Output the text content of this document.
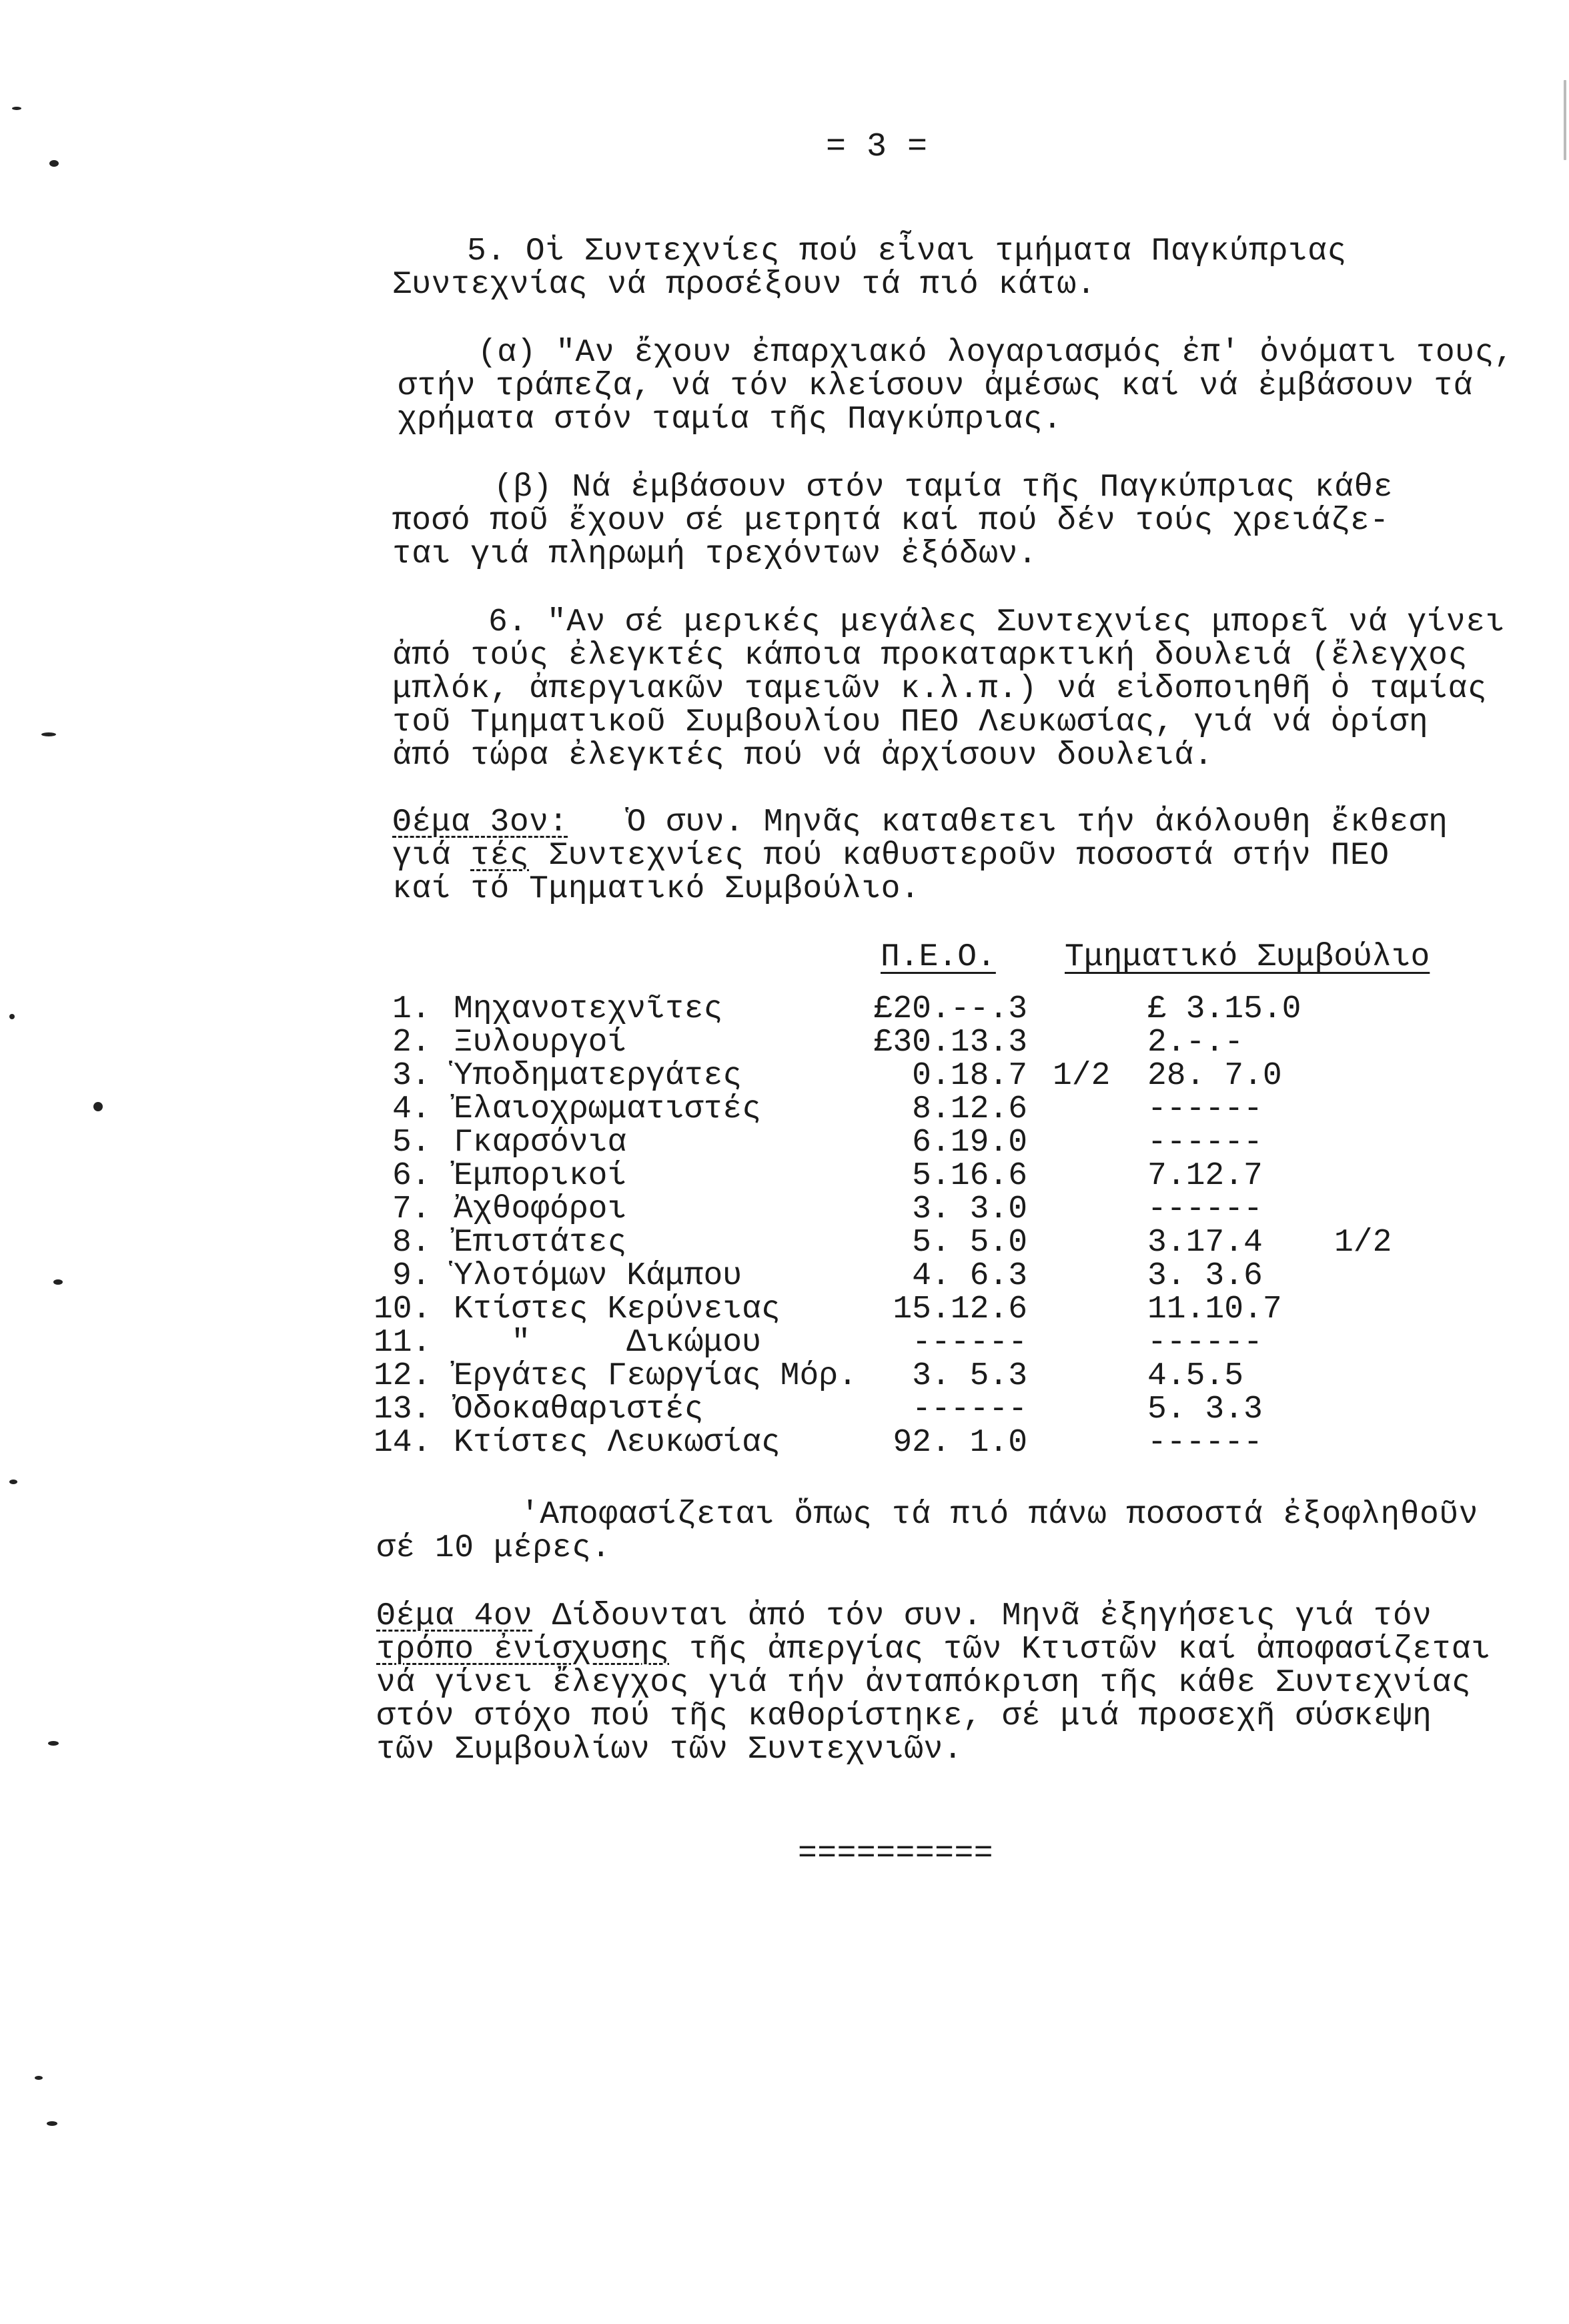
= 3 =
5. Οἱ Συντεχνίες πού εἶναι τμήματα Παγκύπριας
Συντεχνίας νά προσέξουν τά πιό κάτω.
(α) "Αν ἔχουν ἐπαρχιακό λογαριασμός ἐπ' ὀνόματι τους,
στήν τράπεζα, νά τόν κλείσουν ἀμέσως καί νά ἐμβάσουν τά
χρήματα στόν ταμία τῆς Παγκύπριας.
(β) Νά ἐμβάσουν στόν ταμία τῆς Παγκύπριας κάθε
ποσό ποῦ ἔχουν σέ μετρητά καί πού δέν τούς χρειάζε-
ται γιά πληρωμή τρεχόντων ἐξόδων.
6. "Αν σέ μερικές μεγάλες Συντεχνίες μπορεῖ νά γίνει
ἀπό τούς ἐλεγκτές κάποια προκαταρκτική δουλειά (ἔλεγχος
μπλόκ, ἀπεργιακῶν ταμειῶν κ.λ.π.) νά εἰδοποιηθῆ ὁ ταμίας
τοῦ Τμηματικοῦ Συμβουλίου ΠΕΟ Λευκωσίας, γιά νά ὁρίση
ἀπό τώρα ἐλεγκτές πού νά ἀρχίσουν δουλειά.
Θέμα 3ον:   Ὁ συν. Μηνᾶς καταθετει τήν ἀκόλουθη ἔκθεση
γιά τές Συντεχνίες πού καθυστεροῦν ποσοστά στήν ΠΕΟ
καί τό Τμηματικό Συμβούλιο.
Π.Ε.Ο. Τμηματικό Συμβούλιο
1. Μηχανοτεχνῖτες	£20.--.3	£ 3.15.0
2. Ξυλουργοί	£30.13.3	2.-.-
3. Ὑποδηματεργάτες	0.18.7 1/2 28. 7.0
4. Ἐλαιοχρωματιστές	8.12.6	------
5. Γκαρσόνια	6.19.0	------
6. Ἐμπορικοί	5.16.6	7.12.7
7. Ἀχθοφόροι	3. 3.0	------
8. Ἐπιστάτες	5. 5.0	3.17.4 1/2
9. Ὑλοτόμων Κάμπου	4. 6.3	3. 3.6
10. Κτίστες Κερύνειας	15.12.6	11.10.7
11. "     Δικώμου	------	------
12. Ἐργάτες Γεωργίας Μόρ.	3. 5.3	4.5.5
13. Ὀδοκαθαριστές	------	5. 3.3
14. Κτίστες Λευκωσίας	92. 1.0	------
'Αποφασίζεται ὅπως τά πιό πάνω ποσοστά ἐξοφληθοῦν
σέ 10 μέρες.
Θέμα 4ον Δίδουνται ἀπό τόν συν. Μηνᾶ ἐξηγήσεις γιά τόν
τρόπο ἐνίσχυσης τῆς ἀπεργίας τῶν Κτιστῶν καί ἀποφασίζεται
νά γίνει ἔλεγχος γιά τήν ἀνταπόκριση τῆς κάθε Συντεχνίας
στόν στόχο πού τῆς καθορίστηκε, σέ μιά προσεχῆ σύσκεψη
τῶν Συμβουλίων τῶν Συντεχνιῶν.
==========
